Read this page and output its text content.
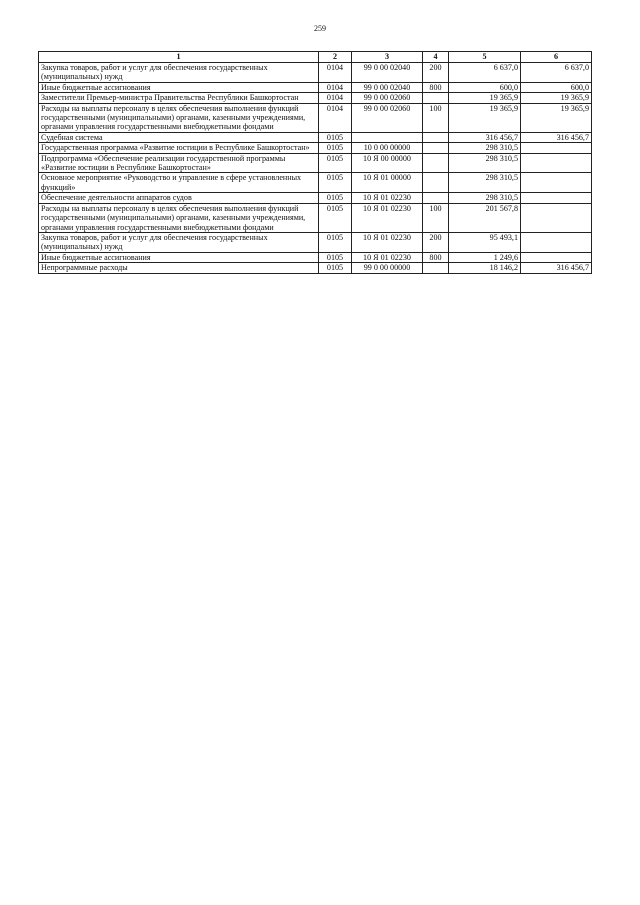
259
1	2	3	4	5	6
Закупка товаров, работ и услуг для обеспечения государственных (муниципальных) нужд	0104	99 0 00 02040	200	6 637,0	6 637,0
Иные бюджетные ассигнования	0104	99 0 00 02040	800	600,0	600,0
Заместители Премьер-министра Правительства Республики Башкортостан	0104	99 0 00 02060		19 365,9	19 365,9
Расходы на выплаты персоналу в целях обеспечения выполнения функций государственными (муниципальными) органами, казенными учреждениями, органами управления государственными внебюджетными фондами	0104	99 0 00 02060	100	19 365,9	19 365,9
Судебная система	0105			316 456,7	316 456,7
Государственная программа «Развитие юстиции в Республике Башкортостан»	0105	10 0 00 00000		298 310,5	
Подпрограмма «Обеспечение реализации государственной программы «Развитие юстиции в Республике Башкортостан»	0105	10 Я 00 00000		298 310,5	
Основное мероприятие «Руководство и управление в сфере установленных функций»	0105	10 Я 01 00000		298 310,5	
Обеспечение деятельности аппаратов судов	0105	10 Я 01 02230		298 310,5	
Расходы на выплаты персоналу в целях обеспечения выполнения функций государственными (муниципальными) органами, казенными учреждениями, органами управления государственными внебюджетными фондами	0105	10 Я 01 02230	100	201 567,8	
Закупка товаров, работ и услуг для обеспечения государственных (муниципальных) нужд	0105	10 Я 01 02230	200	95 493,1	
Иные бюджетные ассигнования	0105	10 Я 01 02230	800	1 249,6	
Непрограммные расходы	0105	99 0 00 00000		18 146,2	316 456,7
